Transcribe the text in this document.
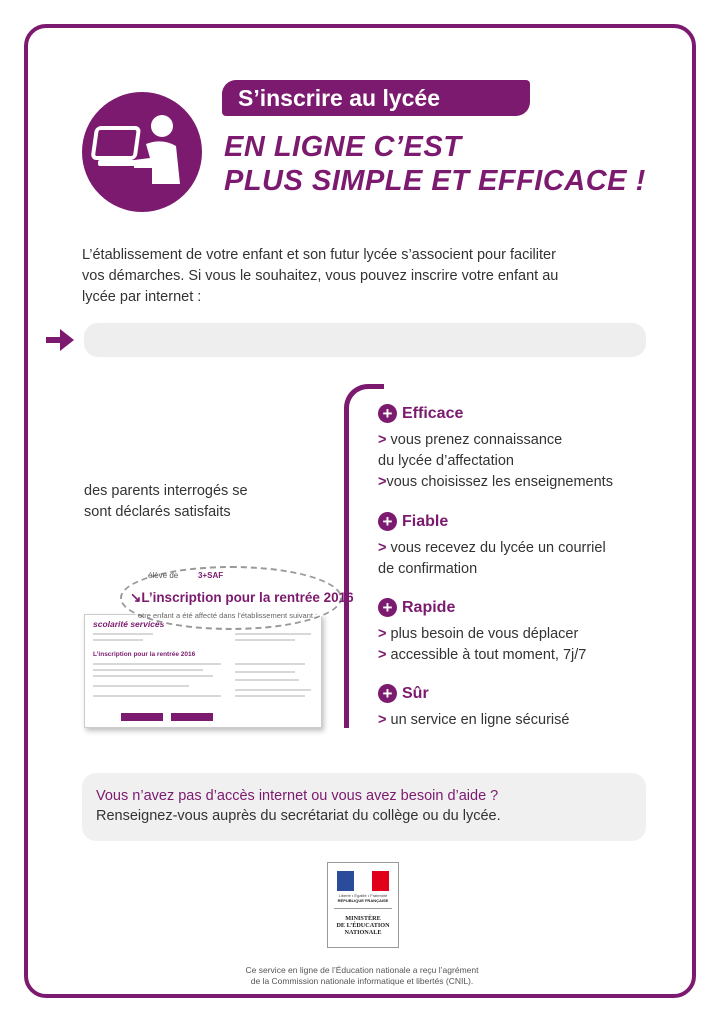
S’inscrire au lycée
EN LIGNE C’EST
PLUS SIMPLE ET EFFICACE !
L’établissement de votre enfant et son futur lycée s’associent pour faciliter
vos démarches. Si vous le souhaitez, vous pouvez inscrire votre enfant au
lycée par internet :
des parents interrogés se
sont déclarés satisfaits
+ Efficace
> vous prenez connaissance
du lycée d’affectation
>vous choisissez les enseignements
+ Fiable
> vous recevez du lycée un courriel
de confirmation
+ Rapide
> plus besoin de vous déplacer
> accessible à tout moment, 7j/7
+ Sûr
> un service en ligne sécurisé
scolarité services
L’inscription pour la rentrée 2016
élève de 3+SAF
↘L’inscription pour la rentrée 2016
otre enfant a été affecté dans l’établissement suivant :
Vous n’avez pas d’accès internet ou vous avez besoin d’aide ?
Renseignez-vous auprès du secrétariat du collège ou du lycée.
Liberté • Égalité • Fraternité
RÉPUBLIQUE FRANÇAISE
MINISTÈRE
DE L’ÉDUCATION
NATIONALE
Ce service en ligne de l’Éducation nationale a reçu l’agrément
de la Commission nationale informatique et libertés (CNIL).
